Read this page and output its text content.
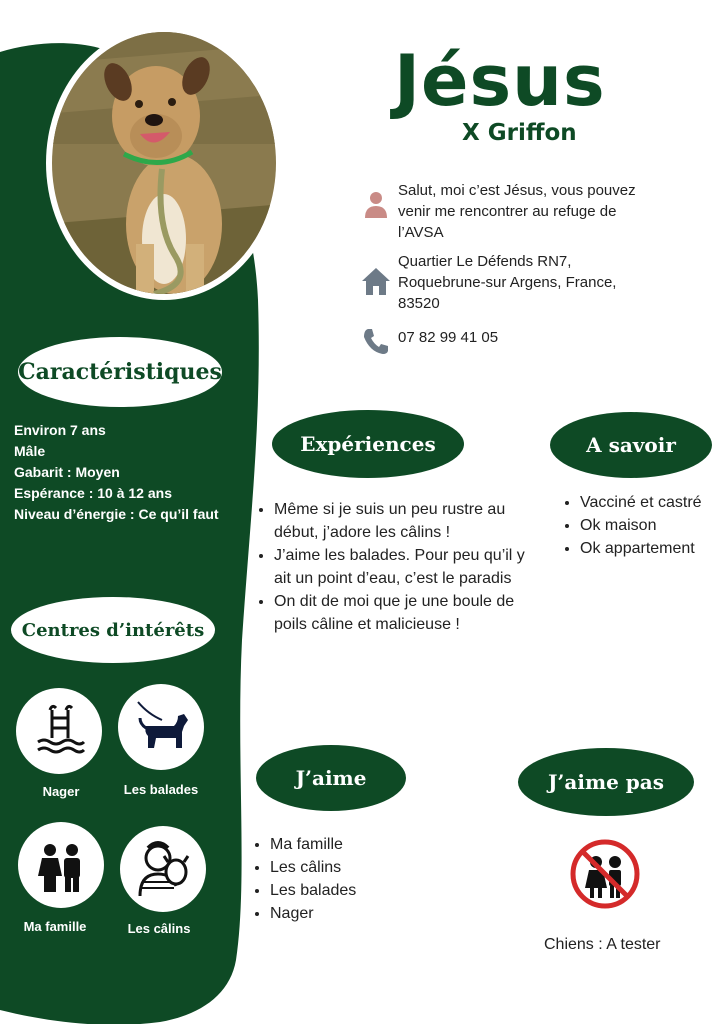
Jésus
X Griffon
Salut, moi c’est Jésus, vous pouvez venir me rencontrer au refuge de l’AVSA
Quartier Le Défends RN7, Roquebrune-sur Argens, France, 83520
07 82 99 41 05
Caractéristiques
Environ 7 ans
Mâle
Gabarit : Moyen
Espérance : 10 à 12 ans
Niveau d’énergie : Ce qu’il faut
Centres d’intérêts
Nager	Les balades
Ma famille	Les câlins
Expériences
• Même si je suis un peu rustre au début, j’adore les câlins !
• J’aime les balades. Pour peu qu’il y ait un point d’eau, c’est le paradis
• On dit de moi que je une boule de poils câline et malicieuse !
A savoir
• Vacciné et castré
• Ok maison
• Ok appartement
J’aime
• Ma famille
• Les câlins
• Les balades
• Nager
J’aime pas
Chiens : A tester
